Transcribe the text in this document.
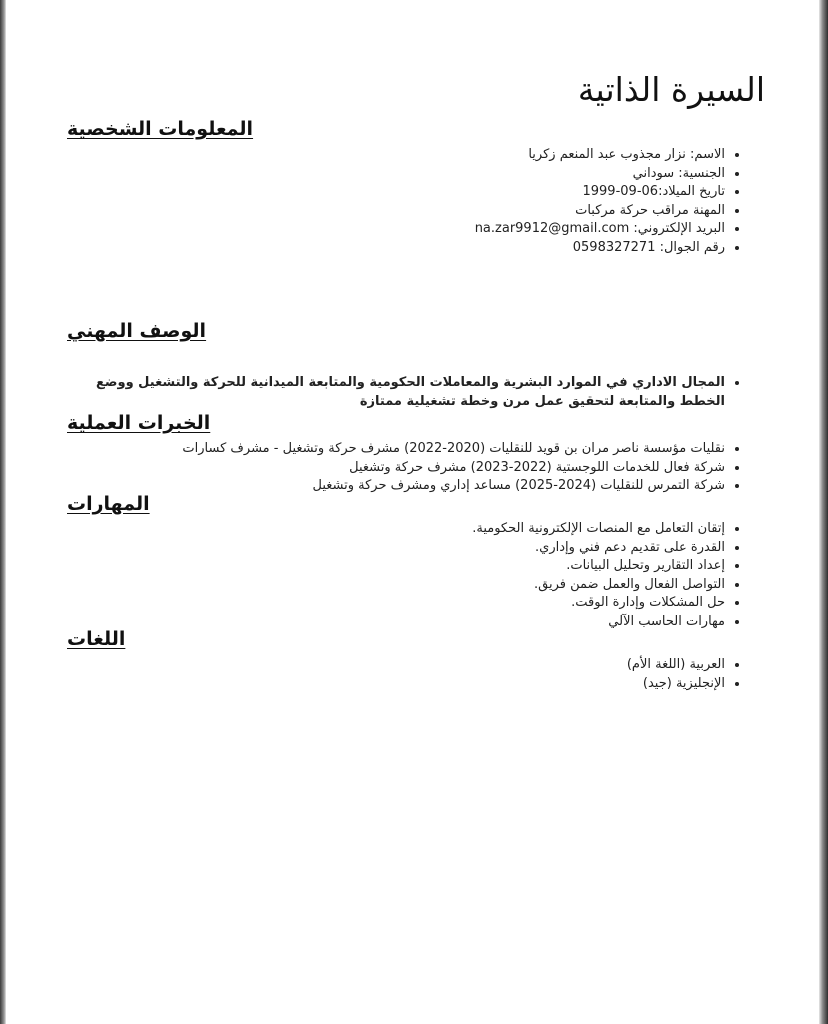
السيرة الذاتية
المعلومات الشخصية
• الاسم: نزار مجذوب عبد المنعم زكريا
• الجنسية: سوداني
• تاريخ الميلاد:06-09-1999
• المهنة مراقب حركة مركبات
• البريد الإلكتروني: na.zar9912@gmail.com
• رقم الجوال: 0598327271
الوصف المهني
• المجال الاداري في الموارد البشرية والمعاملات الحكومية والمتابعة الميدانية للحركة والتشغيل ووضع الخطط والمتابعة لتحقيق عمل مرن وخطة تشغيلية ممتازة
الخبرات العملية
• نقليات مؤسسة ناصر مران بن قويد للنقليات (2020-2022) مشرف حركة وتشغيل - مشرف كسارات
• شركة فعال للخدمات اللوجستية (2022-2023) مشرف حركة وتشغيل
• شركة التمرس للنقليات (2024-2025) مساعد إداري ومشرف حركة وتشغيل
المهارات
• إتقان التعامل مع المنصات الإلكترونية الحكومية.
• القدرة على تقديم دعم فني وإداري.
• إعداد التقارير وتحليل البيانات.
• التواصل الفعال والعمل ضمن فريق.
• حل المشكلات وإدارة الوقت.
• مهارات الحاسب الآلي
اللغات
• العربية (اللغة الأم)
• الإنجليزية (جيد)
